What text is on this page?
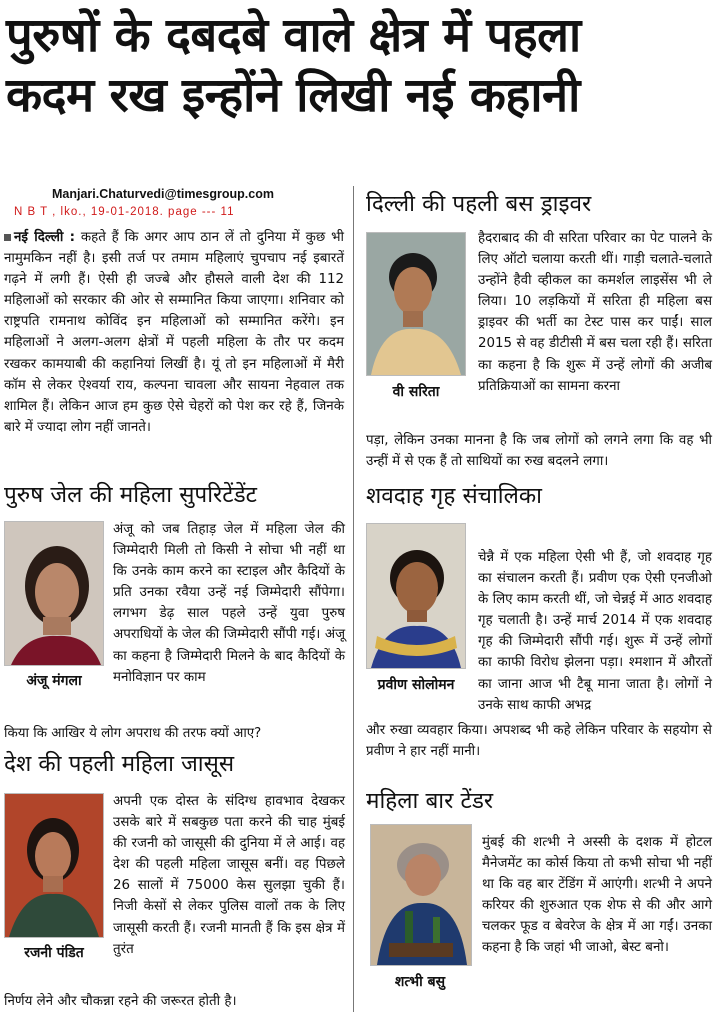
पुरुषों के दबदबे वाले क्षेत्र में पहला
कदम रख इन्होंने लिखी नई कहानी
Manjari.Chaturvedi@timesgroup.com
N B T , lko., 19-01-2018. page --- 11

नई दिल्ली : कहते हैं कि अगर आप ठान लें तो दुनिया में कुछ भी नामुमकिन नहीं है। इसी तर्ज पर तमाम महिलाएं चुपचाप नई इबारतें गढ़ने में लगी हैं। ऐसी ही जज्बे और हौसले वाली देश की 112 महिलाओं को सरकार की ओर से सम्मानित किया जाएगा। शनिवार को राष्ट्रपति रामनाथ कोविंद इन महिलाओं को सम्मानित करेंगे। इन महिलाओं ने अलग-अलग क्षेत्रों में पहली महिला के तौर पर कदम रखकर कामयाबी की कहानियां लिखीं है। यूं तो इन महिलाओं में मैरी कॉम से लेकर ऐश्वर्या राय, कल्पना चावला और सायना नेहवाल तक शामिल हैं। लेकिन आज हम कुछ ऐसे चेहरों को पेश कर रहे हैं, जिनके बारे में ज्यादा लोग नहीं जानते।

पुरुष जेल की महिला सुपरिटेंडेंट
अंजू मंगला

अंजू को जब तिहाड़ जेल में महिला जेल की जिम्मेदारी मिली तो किसी ने सोचा भी नहीं था कि उनके काम करने का स्टाइल और कैदियों के प्रति उनका रवैया उन्हें नई जिम्मेदारी सौंपेगा। लगभग डेढ़ साल पहले उन्हें युवा पुरुष अपराधियों के जेल की जिम्मेदारी सौंपी गई। अंजू का कहना है जिम्मेदारी मिलने के बाद कैदियों के मनोविज्ञान पर काम

किया कि आखिर ये लोग अपराध की तरफ क्यों आए?

देश की पहली महिला जासूस
रजनी पंडित

अपनी एक दोस्त के संदिग्ध हावभाव देखकर उसके बारे में सबकुछ पता करने की चाह मुंबई की रजनी को जासूसी की दुनिया में ले आई। वह देश की पहली महिला जासूस बनीं। वह पिछले 26 सालों में 75000 केस सुलझा चुकी हैं। निजी केसों से लेकर पुलिस वालों तक के लिए जासूसी करती हैं। रजनी मानती हैं कि इस क्षेत्र में तुरंत

निर्णय लेने और चौकन्ना रहने की जरूरत होती है।

दिल्ली की पहली बस ड्राइवर
वी सरिता

हैदराबाद की वी सरिता परिवार का पेट पालने के लिए ऑटो चलाया करती थीं। गाड़ी चलाते-चलाते उन्होंने हैवी व्हीकल का कमर्शल लाइसेंस भी ले लिया। 10 लड़कियों में सरिता ही महिला बस ड्राइवर की भर्ती का टेस्ट पास कर पाईं। साल 2015 से वह डीटीसी में बस चला रही हैं। सरिता का कहना है कि शुरू में उन्हें लोगों की अजीब प्रतिक्रियाओं का सामना करना

पड़ा, लेकिन उनका मानना है कि जब लोगों को लगने लगा कि वह भी उन्हीं में से एक हैं तो साथियों का रुख बदलने लगा।

शवदाह गृह संचालिका
प्रवीण सोलोमन

चेन्नै में एक महिला ऐसी भी हैं, जो शवदाह गृह का संचालन करती हैं। प्रवीण एक ऐसी एनजीओ के लिए काम करती थीं, जो चेन्नई में आठ शवदाह गृह चलाती है। उन्हें मार्च 2014 में एक शवदाह गृह की जिम्मेदारी सौंपी गई। शुरू में उन्हें लोगों का काफी विरोध झेलना पड़ा। श्मशान में औरतों का जाना आज भी टैबू माना जाता है। लोगों ने उनके साथ काफी अभद्र

और रुखा व्यवहार किया। अपशब्द भी कहे लेकिन परिवार के सहयोग से प्रवीण ने हार नहीं मानी।

महिला बार टेंडर
शत्भी बसु

मुंबई की शत्भी ने अस्सी के दशक में होटल मैनेजमेंट का कोर्स किया तो कभी सोचा भी नहीं था कि वह बार टेंडिंग में आएंगी। शत्भी ने अपने करियर की शुरुआत एक शेफ से की और आगे चलकर फूड व बेवरेज के क्षेत्र में आ गईं। उनका कहना है कि जहां भी जाओ, बेस्ट बनो।
